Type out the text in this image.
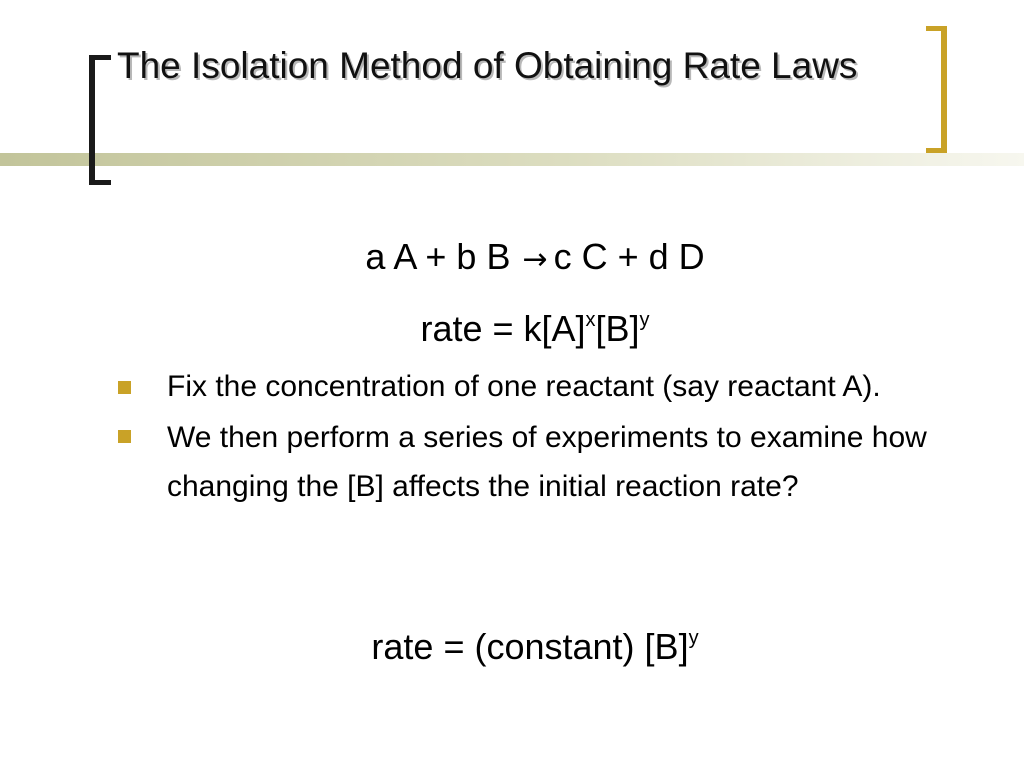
The Isolation Method of Obtaining Rate Laws
a A + b B → c C + d D
rate = $k[A]^x[B]^y$
Fix the concentration of one reactant (say reactant A).
We then perform a series of experiments to examine how changing the [B] affects the initial reaction rate?
rate = (constant) $[B]^y$
